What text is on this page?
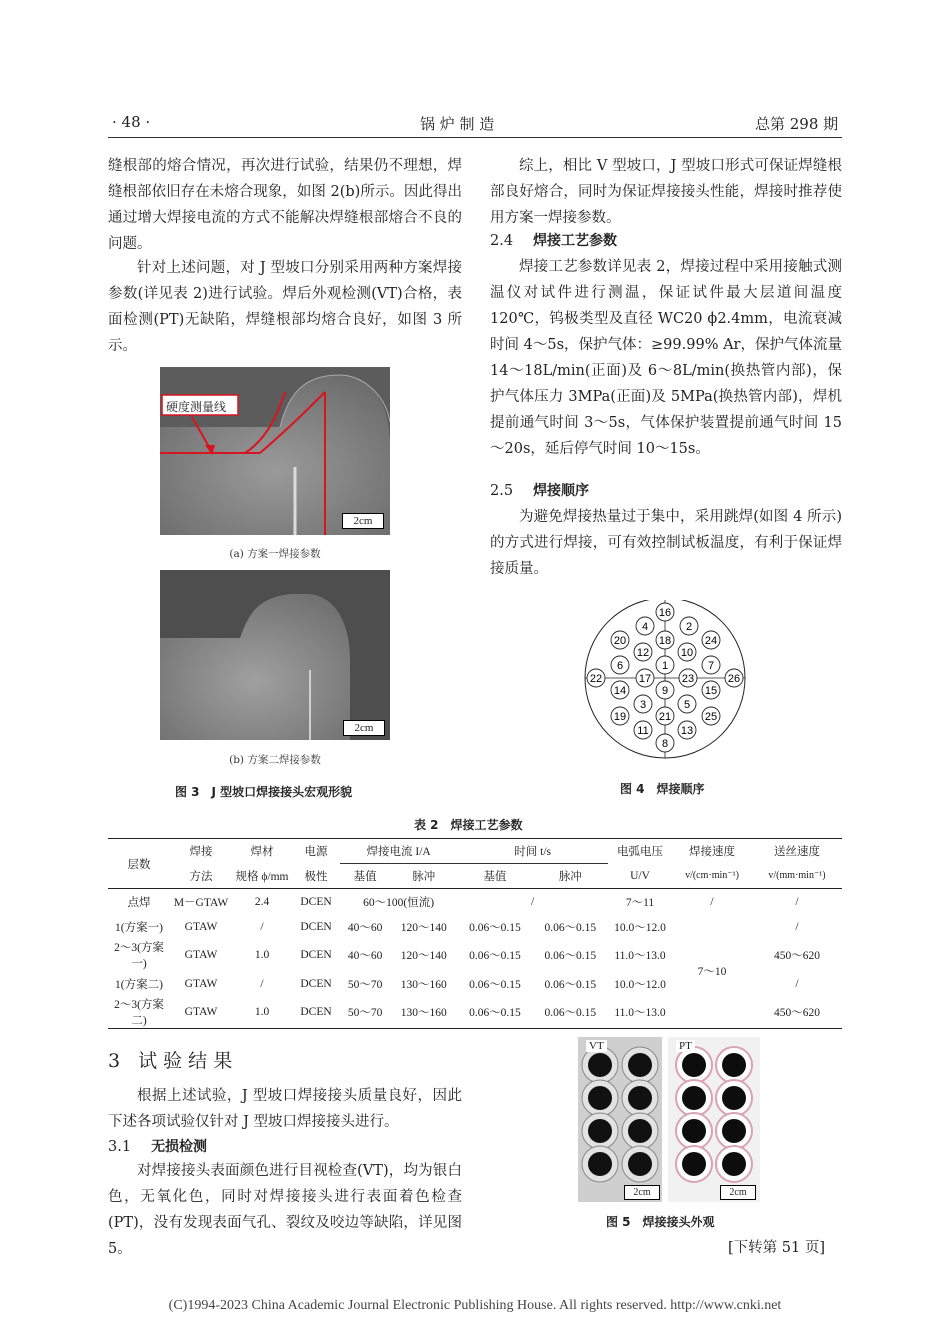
· 48 ·	锅 炉 制 造	总第 298 期

缝根部的熔合情况，再次进行试验，结果仍不理想，焊缝根部依旧存在未熔合现象，如图 2(b)所示。因此得出通过增大焊接电流的方式不能解决焊缝根部熔合不良的问题。

针对上述问题，对 J 型坡口分别采用两种方案焊接参数(详见表 2)进行试验。焊后外观检测(VT)合格，表面检测(PT)无缺陷，焊缝根部均熔合良好，如图 3 所示。

硬度测量线
2cm
(a) 方案一焊接参数
2cm
(b) 方案二焊接参数
图 3　J 型坡口焊接接头宏观形貌

综上，相比 V 型坡口，J 型坡口形式可保证焊缝根部良好熔合，同时为保证焊接接头性能，焊接时推荐使用方案一焊接参数。

2.4 焊接工艺参数

焊接工艺参数详见表 2，焊接过程中采用接触式测温仪对试件进行测温，保证试件最大层道间温度 120℃，钨极类型及直径 WC20 ϕ2.4mm，电流衰减时间 4～5s，保护气体：≥99.99% Ar，保护气体流量 14～18L/min(正面)及 6～8L/min(换热管内部)，保护气体压力 3MPa(正面)及 5MPa(换热管内部)，焊机提前通气时间 3～5s，气体保护装置提前通气时间 15～20s，延后停气时间 10～15s。

2.5 焊接顺序

为避免焊接热量过于集中，采用跳焊(如图 4 所示)的方式进行焊接，可有效控制试板温度，有利于保证焊接质量。

16
4	2
20	18	24
12	10
6	1	7
22	17	23	26
14	9	15
3	5
19	21	25
11	13
8
图 4　焊接顺序
表 2　焊接工艺参数
层数	焊接	焊材	电源	焊接电流 I/A		时间 t/s		电弧电压	焊接速度	送丝速度
	方法	规格 ϕ/mm	极性	基值	脉冲	基值	脉冲	U/V	v/(cm·min⁻¹)	v/(mm·min⁻¹)
点焊	M－GTAW	2.4	DCEN	60～100(恒流)		/		7～11	/	/
1(方案一)	GTAW	/	DCEN	40～60	120～140	0.06～0.15	0.06～0.15	10.0～12.0	7～10	/
2～3(方案一)	GTAW	1.0	DCEN	40～60	120～140	0.06～0.15	0.06～0.15	11.0～13.0		450～620
1(方案二)	GTAW	/	DCEN	50～70	130～160	0.06～0.15	0.06～0.15	10.0～12.0		/
2～3(方案二)	GTAW	1.0	DCEN	50～70	130～160	0.06～0.15	0.06～0.15	11.0～13.0		450～620
3 试 验 结 果

根据上述试验，J 型坡口焊接接头质量良好，因此下述各项试验仅针对 J 型坡口焊接接头进行。

3.1 无损检测

对焊接接头表面颜色进行目视检查(VT)，均为银白色，无氧化色，同时对焊接接头进行表面着色检查(PT)，没有发现表面气孔、裂纹及咬边等缺陷，详见图 5。

VT
2cm
PT
2cm
图 5　焊接接头外观
[下转第 51 页]
(C)1994-2023 China Academic Journal Electronic Publishing House. All rights reserved. http://www.cnki.net
